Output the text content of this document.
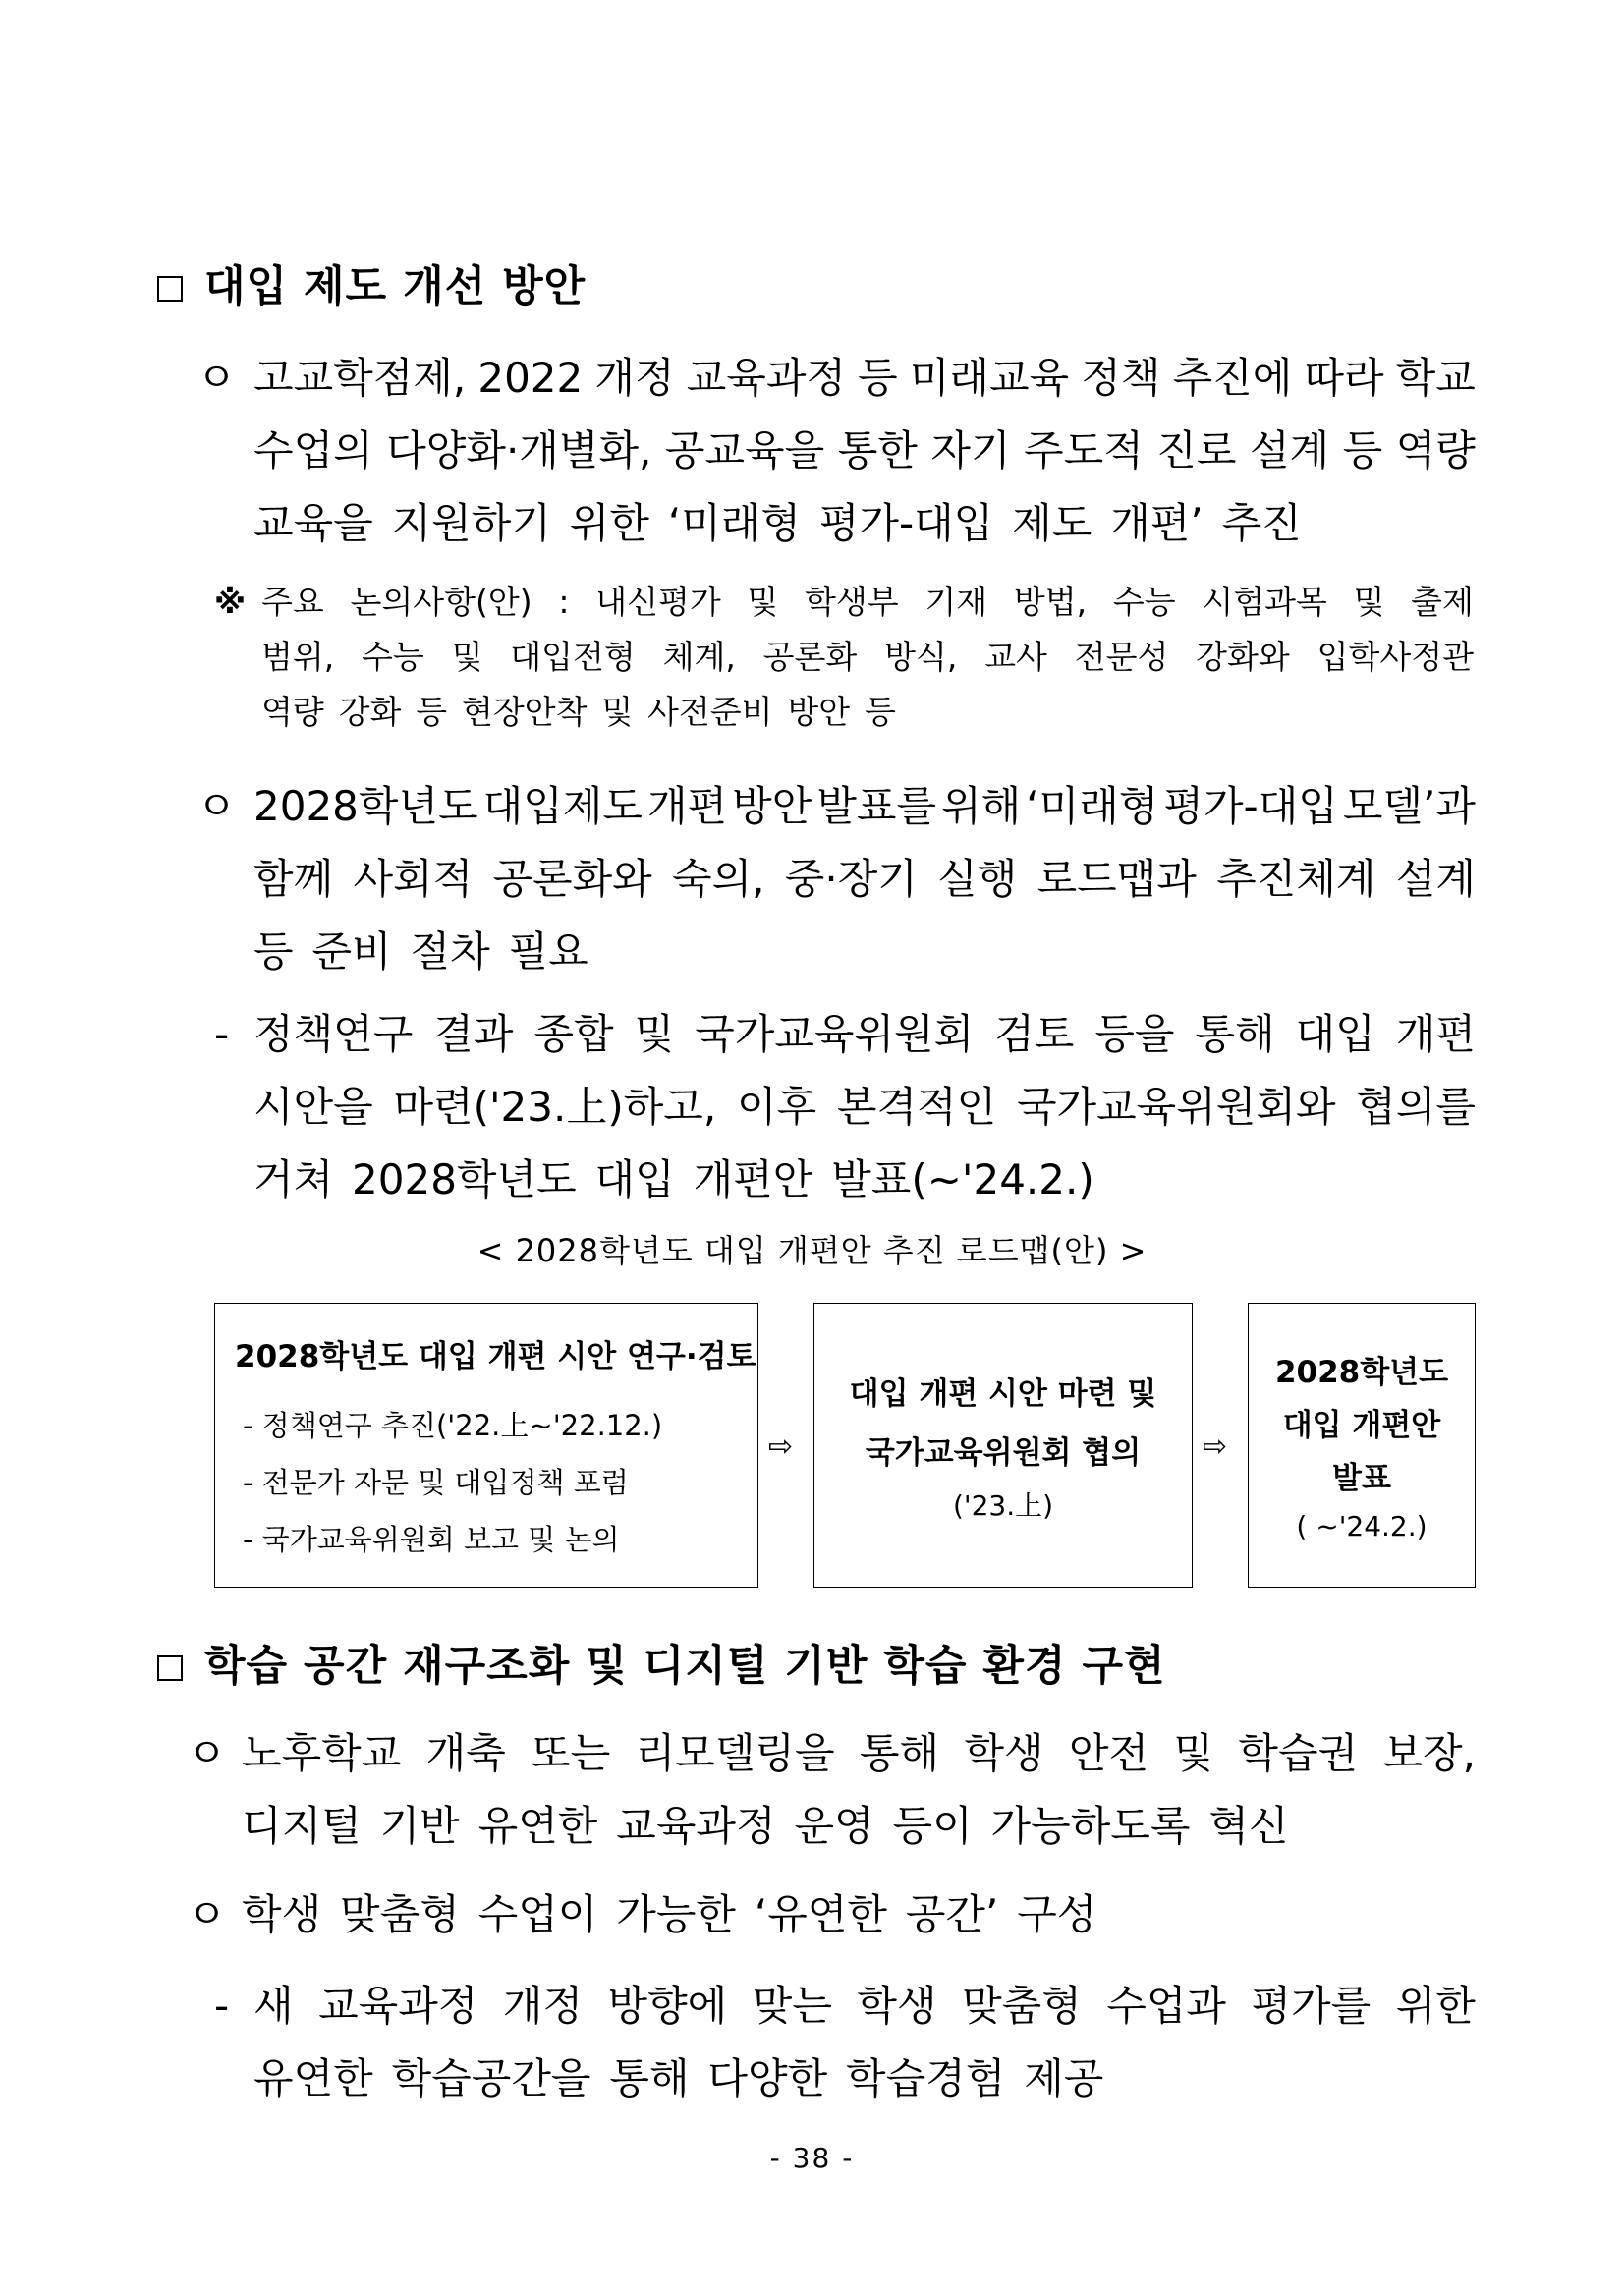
대입 제도 개선 방안
ㅇ 고교학점제, 2022 개정 교육과정 등 미래교육 정책 추진에 따라 학교
수업의 다양화·개별화, 공교육을 통한 자기 주도적 진로 설계 등 역량
교육을 지원하기 위한 ‘미래형 평가-대입 제도 개편’ 추진
※ 주요 논의사항(안) : 내신평가 및 학생부 기재 방법, 수능 시험과목 및 출제
범위, 수능 및 대입전형 체계, 공론화 방식, 교사 전문성 강화와 입학사정관
역량 강화 등 현장안착 및 사전준비 방안 등
ㅇ 2028학년도 대입제도 개편 방안 발표를 위해 ‘미래형 평가-대입 모델’과
함께 사회적 공론화와 숙의, 중·장기 실행 로드맵과 추진체계 설계
등 준비 절차 필요
- 정책연구 결과 종합 및 국가교육위원회 검토 등을 통해 대입 개편
시안을 마련('23.上)하고, 이후 본격적인 국가교육위원회와 협의를
거쳐 2028학년도 대입 개편안 발표(~'24.2.)
< 2028학년도 대입 개편안 추진 로드맵(안) >
2028학년도 대입 개편 시안 연구·검토
- 정책연구 추진('22.上~'22.12.)
- 전문가 자문 및 대입정책 포럼
- 국가교육위원회 보고 및 논의
⇨
대입 개편 시안 마련 및
국가교육위원회 협의
('23.上)
⇨
2028학년도
대입 개편안
발표
( ~'24.2.)
학습 공간 재구조화 및 디지털 기반 학습 환경 구현
ㅇ 노후학교 개축 또는 리모델링을 통해 학생 안전 및 학습권 보장,
디지털 기반 유연한 교육과정 운영 등이 가능하도록 혁신
ㅇ 학생 맞춤형 수업이 가능한 ‘유연한 공간’ 구성
- 새 교육과정 개정 방향에 맞는 학생 맞춤형 수업과 평가를 위한
유연한 학습공간을 통해 다양한 학습경험 제공
- 38 -
